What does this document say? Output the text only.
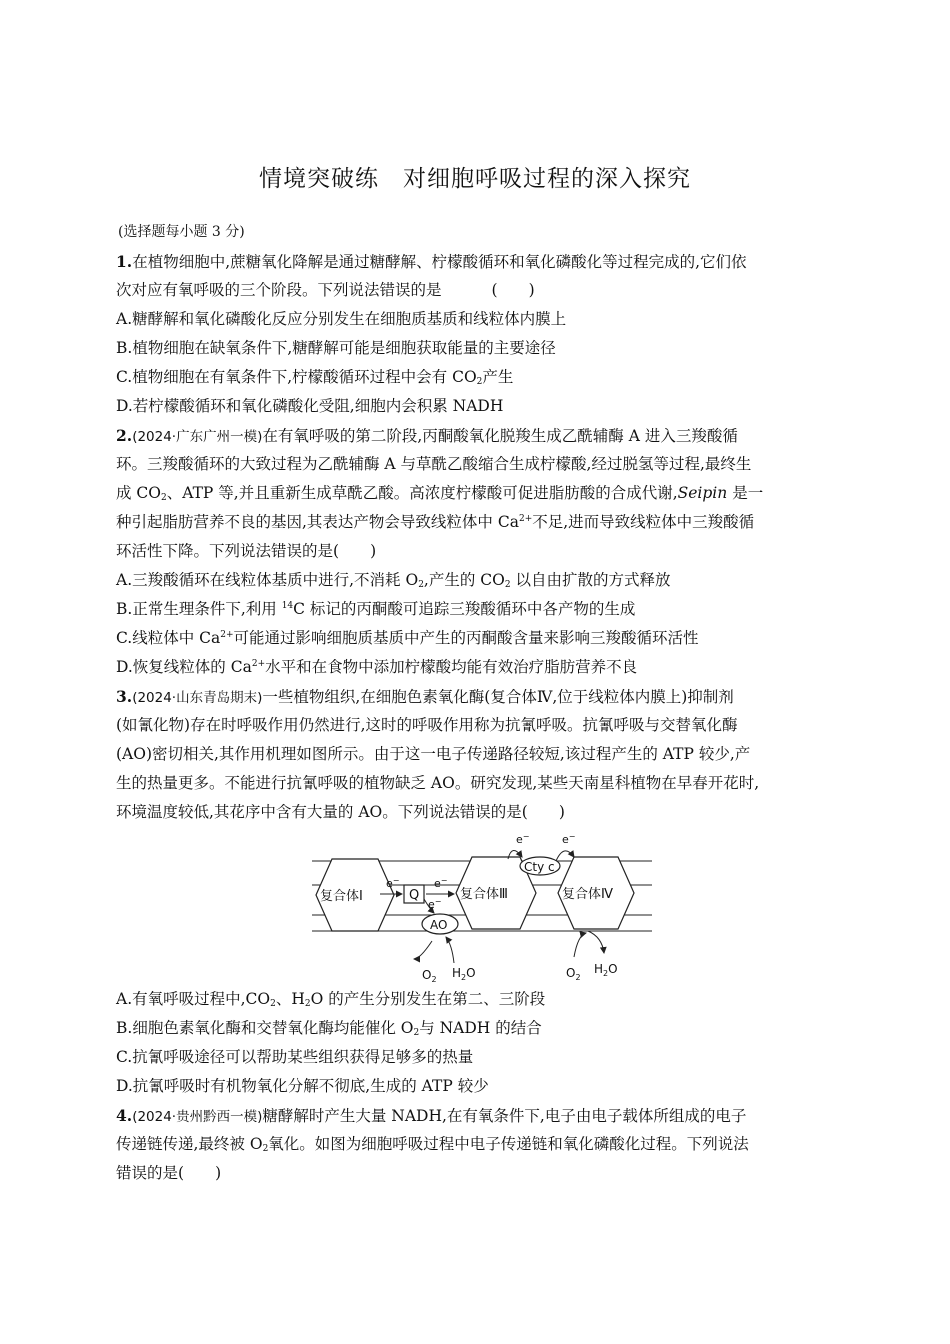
情境突破练 对细胞呼吸过程的深入探究
(选择题每小题 3 分)
1.在植物细胞中,蔗糖氧化降解是通过糖酵解、柠檬酸循环和氧化磷酸化等过程完成的,它们依
次对应有氧呼吸的三个阶段。下列说法错误的是	(　　)
A.糖酵解和氧化磷酸化反应分别发生在细胞质基质和线粒体内膜上
B.植物细胞在缺氧条件下,糖酵解可能是细胞获取能量的主要途径
C.植物细胞在有氧条件下,柠檬酸循环过程中会有 $CO_2$产生
D.若柠檬酸循环和氧化磷酸化受阻,细胞内会积累 NADH
2.(2024·广东广州一模)在有氧呼吸的第二阶段,丙酮酸氧化脱羧生成乙酰辅酶 A 进入三羧酸循
环。三羧酸循环的大致过程为乙酰辅酶 A 与草酰乙酸缩合生成柠檬酸,经过脱氢等过程,最终生
成 $CO_2$、ATP 等,并且重新生成草酰乙酸。高浓度柠檬酸可促进脂肪酸的合成代谢,Seipin 是一
种引起脂肪营养不良的基因,其表达产物会导致线粒体中 $Ca^{2+}$不足,进而导致线粒体中三羧酸循
环活性下降。下列说法错误的是(　　)
A.三羧酸循环在线粒体基质中进行,不消耗 $O_2$,产生的 $CO_2$ 以自由扩散的方式释放
B.正常生理条件下,利用 $^{14}$C 标记的丙酮酸可追踪三羧酸循环中各产物的生成
C.线粒体中 $Ca^{2+}$可能通过影响细胞质基质中产生的丙酮酸含量来影响三羧酸循环活性
D.恢复线粒体的 $Ca^{2+}$水平和在食物中添加柠檬酸均能有效治疗脂肪营养不良
3.(2024·山东青岛期末)一些植物组织,在细胞色素氧化酶(复合体Ⅳ,位于线粒体内膜上)抑制剂
(如氰化物)存在时呼吸作用仍然进行,这时的呼吸作用称为抗氰呼吸。抗氰呼吸与交替氧化酶
(AO)密切相关,其作用机理如图所示。由于这一电子传递路径较短,该过程产生的 ATP 较少,产
生的热量更多。不能进行抗氰呼吸的植物缺乏 AO。研究发现,某些天南星科植物在早春开花时,
环境温度较低,其花序中含有大量的 AO。下列说法错误的是(　　)
复合体Ⅰ	复合体Ⅲ	复合体Ⅳ
Q
Cty c
AO
e−	e−
e−
e−	e−
$O_2$ $H_2O$	$O_2$
$H_2O$
A.有氧呼吸过程中$,CO_2$、$H_2O$ 的产生分别发生在第二、三阶段
B.细胞色素氧化酶和交替氧化酶均能催化 $O_2$与 NADH 的结合
C.抗氰呼吸途径可以帮助某些组织获得足够多的热量
D.抗氰呼吸时有机物氧化分解不彻底,生成的 ATP 较少
4.(2024·贵州黔西一模)糖酵解时产生大量 NADH,在有氧条件下,电子由电子载体所组成的电子
传递链传递,最终被 $O_2$氧化。如图为细胞呼吸过程中电子传递链和氧化磷酸化过程。下列说法
错误的是(　　)
